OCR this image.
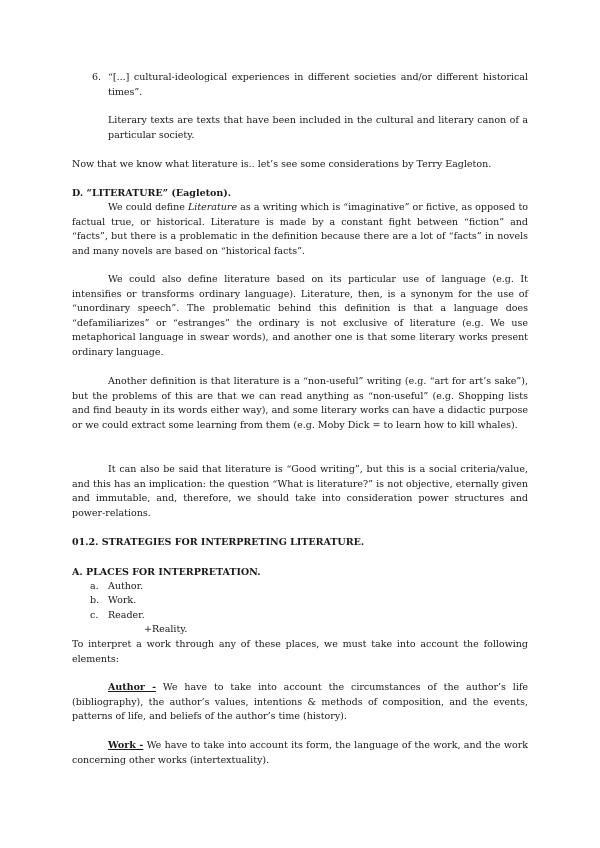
6. “[...] cultural-ideological experiences in different societies and/or different historical times”.

Literary texts are texts that have been included in the cultural and literary canon of a particular society.

Now that we know what literature is.. let’s see some considerations by Terry Eagleton.

D. “LITERATURE” (Eagleton).

We could define Literature as a writing which is “imaginative” or fictive, as opposed to factual true, or historical. Literature is made by a constant fight between “fiction” and “facts”, but there is a problematic in the definition because there are a lot of “facts” in novels and many novels are based on “historical facts”.

We could also define literature based on its particular use of language (e.g. It intensifies or transforms ordinary language). Literature, then, is a synonym for the use of “unordinary speech”. The problematic behind this definition is that a language does “defamiliarizes” or “estranges” the ordinary is not exclusive of literature (e.g. We use metaphorical language in swear words), and another one is that some literary works present ordinary language.

Another definition is that literature is a “non-useful” writing (e.g. “art for art’s sake”), but the problems of this are that we can read anything as “non-useful” (e.g. Shopping lists and find beauty in its words either way), and some literary works can have a didactic purpose or we could extract some learning from them (e.g. Moby Dick = to learn how to kill whales).

It can also be said that literature is “Good writing”, but this is a social criteria/value, and this has an implication: the question “What is literature?” is not objective, eternally given and immutable, and, therefore, we should take into consideration power structures and power-relations.

01.2. STRATEGIES FOR INTERPRETING LITERATURE.

A. PLACES FOR INTERPRETATION.

a. Author.
b. Work.
c. Reader.
+Reality.

To interpret a work through any of these places, we must take into account the following elements:

Author - We have to take into account the circumstances of the author’s life (bibliography), the author’s values, intentions & methods of composition, and the events, patterns of life, and beliefs of the author’s time (history).

Work - We have to take into account its form, the language of the work, and the work concerning other works (intertextuality).
